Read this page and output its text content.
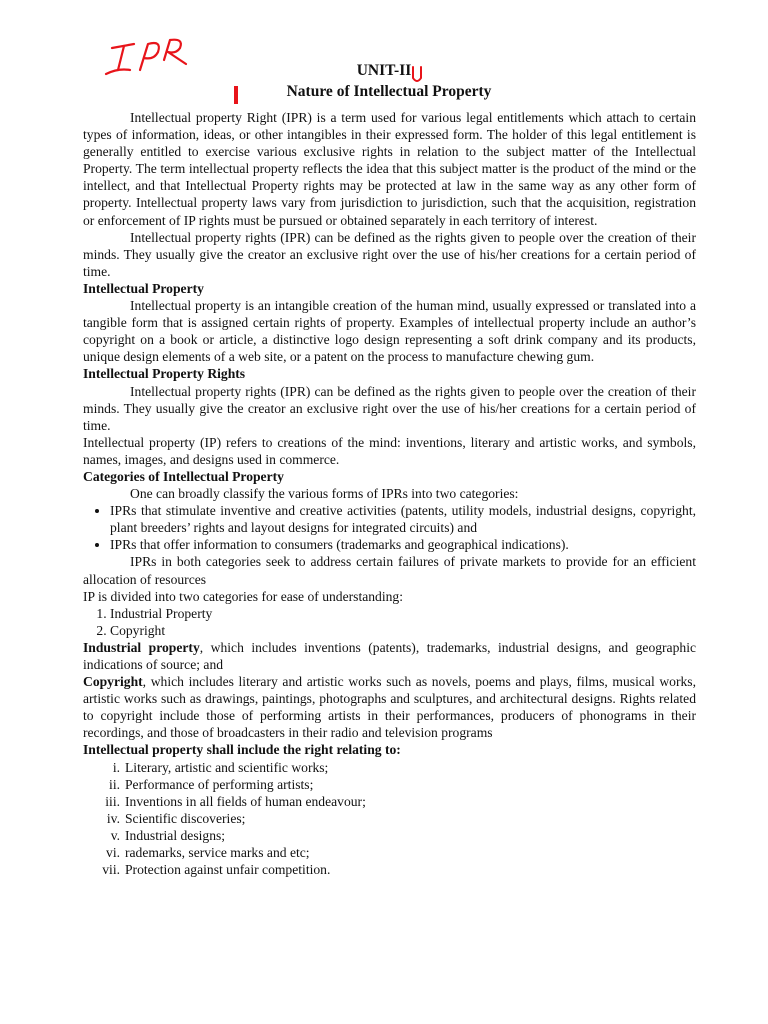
UNIT-II
Nature of Intellectual Property

Intellectual property Right (IPR) is a term used for various legal entitlements which attach to certain types of information, ideas, or other intangibles in their expressed form. The holder of this legal entitlement is generally entitled to exercise various exclusive rights in relation to the subject matter of the Intellectual Property. The term intellectual property reflects the idea that this subject matter is the product of the mind or the intellect, and that Intellectual Property rights may be protected at law in the same way as any other form of property. Intellectual property laws vary from jurisdiction to jurisdiction, such that the acquisition, registration or enforcement of IP rights must be pursued or obtained separately in each territory of interest.

Intellectual property rights (IPR) can be defined as the rights given to people over the creation of their minds. They usually give the creator an exclusive right over the use of his/her creations for a certain period of time.

Intellectual Property

Intellectual property is an intangible creation of the human mind, usually expressed or translated into a tangible form that is assigned certain rights of property. Examples of intellectual property include an author’s copyright on a book or article, a distinctive logo design representing a soft drink company and its products, unique design elements of a web site, or a patent on the process to manufacture chewing gum.

Intellectual Property Rights

Intellectual property rights (IPR) can be defined as the rights given to people over the creation of their minds. They usually give the creator an exclusive right over the use of his/her creations for a certain period of time.

Intellectual property (IP) refers to creations of the mind: inventions, literary and artistic works, and symbols, names, images, and designs used in commerce.

Categories of Intellectual Property

One can broadly classify the various forms of IPRs into two categories:

• IPRs that stimulate inventive and creative activities (patents, utility models, industrial designs, copyright, plant breeders’ rights and layout designs for integrated circuits) and
• IPRs that offer information to consumers (trademarks and geographical indications).

IPRs in both categories seek to address certain failures of private markets to provide for an efficient allocation of resources

IP is divided into two categories for ease of understanding:

1. Industrial Property
2. Copyright

Industrial property, which includes inventions (patents), trademarks, industrial designs, and geographic indications of source; and

Copyright, which includes literary and artistic works such as novels, poems and plays, films, musical works, artistic works such as drawings, paintings, photographs and sculptures, and architectural designs. Rights related to copyright include those of performing artists in their performances, producers of phonograms in their recordings, and those of broadcasters in their radio and television programs

Intellectual property shall include the right relating to:

i. Literary, artistic and scientific works;
ii. Performance of performing artists;
iii. Inventions in all fields of human endeavour;
iv. Scientific discoveries;
v. Industrial designs;
vi. rademarks, service marks and etc;
vii. Protection against unfair competition.
